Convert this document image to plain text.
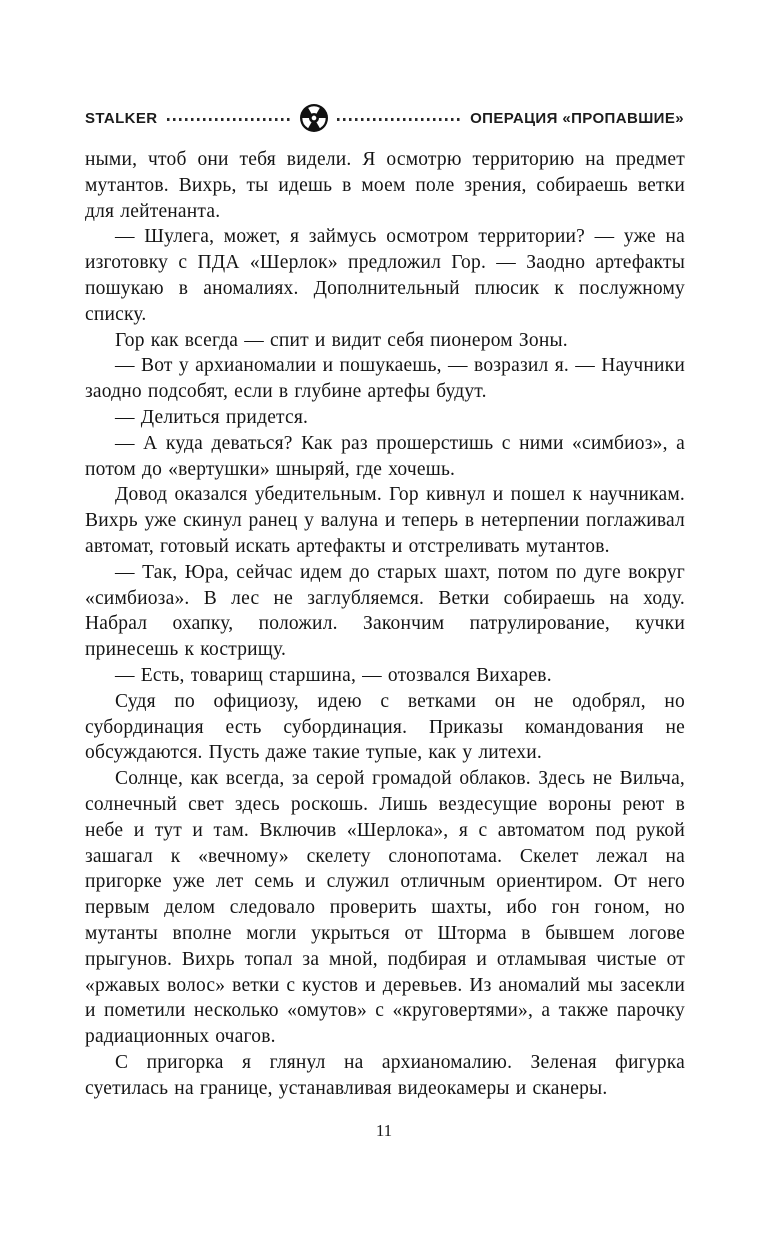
STALKER	ОПЕРАЦИЯ «ПРОПАВШИЕ»

ными, чтоб они тебя видели. Я осмотрю территорию на предмет мутантов. Вихрь, ты идешь в моем поле зрения, собираешь ветки для лейтенанта.

— Шулега, может, я займусь осмотром территории? — уже на изготовку с ПДА «Шерлок» предложил Гор. — Заодно артефакты пошукаю в аномалиях. Дополнительный плюсик к послужному списку.

Гор как всегда — спит и видит себя пионером Зоны.

— Вот у архианомалии и пошукаешь, — возразил я. — Научники заодно подсобят, если в глубине артефы будут.

— Делиться придется.

— А куда деваться? Как раз прошерстишь с ними «симбиоз», а потом до «вертушки» шныряй, где хочешь.

Довод оказался убедительным. Гор кивнул и пошел к научникам. Вихрь уже скинул ранец у валуна и теперь в нетерпении поглаживал автомат, готовый искать артефакты и отстреливать мутантов.

— Так, Юра, сейчас идем до старых шахт, потом по дуге вокруг «симбиоза». В лес не заглубляемся. Ветки собираешь на ходу. Набрал охапку, положил. Закончим патрулирование, кучки принесешь к кострищу.

— Есть, товарищ старшина, — отозвался Вихарев.

Судя по официозу, идею с ветками он не одобрял, но субординация есть субординация. Приказы командования не обсуждаются. Пусть даже такие тупые, как у литехи.

Солнце, как всегда, за серой громадой облаков. Здесь не Вильча, солнечный свет здесь роскошь. Лишь вездесущие вороны реют в небе и тут и там. Включив «Шерлока», я с автоматом под рукой зашагал к «вечному» скелету слонопотама. Скелет лежал на пригорке уже лет семь и служил отличным ориентиром. От него первым делом следовало проверить шахты, ибо гон гоном, но мутанты вполне могли укрыться от Шторма в бывшем логове прыгунов. Вихрь топал за мной, подбирая и отламывая чистые от «ржавых волос» ветки с кустов и деревьев. Из аномалий мы засекли и пометили несколько «омутов» с «круговертями», а также парочку радиационных очагов.

С пригорка я глянул на архианомалию. Зеленая фигурка суетилась на границе, устанавливая видеокамеры и сканеры.

11
